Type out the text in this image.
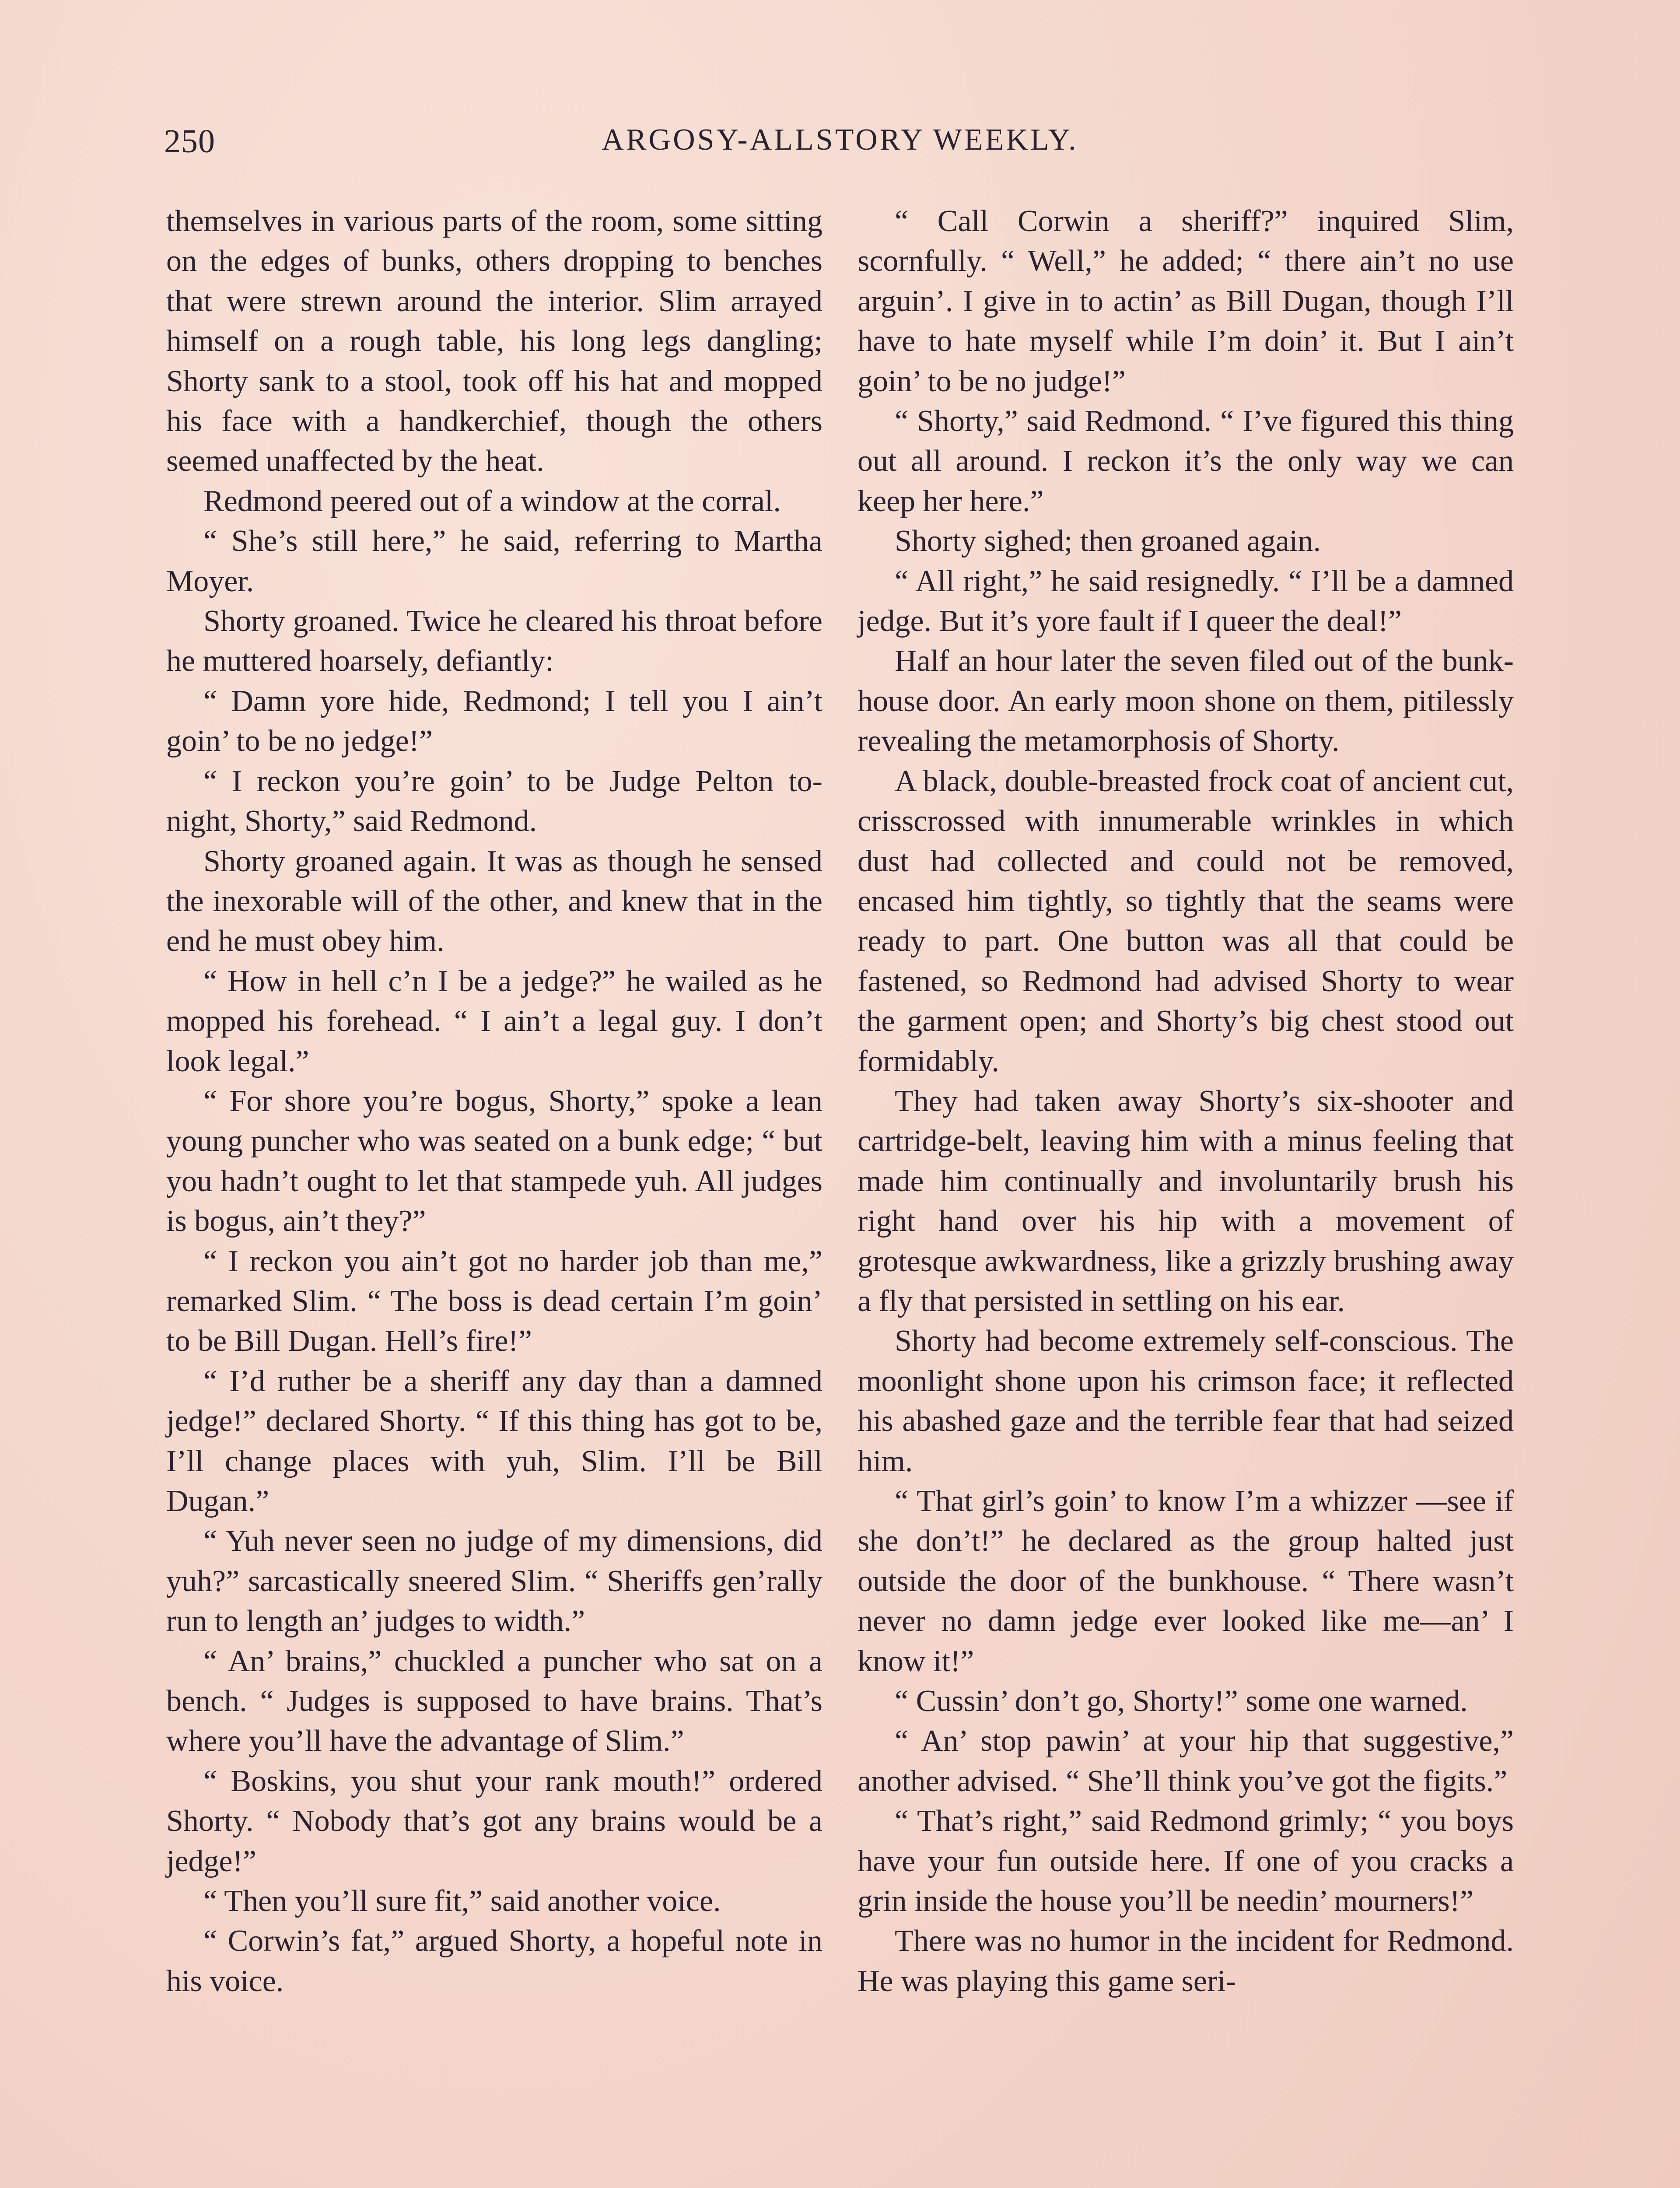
250	ARGOSY-ALLSTORY WEEKLY.

themselves in various parts of the room, some sitting on the edges of bunks, others dropping to benches that were strewn around the interior. Slim arrayed himself on a rough table, his long legs dangling; Shorty sank to a stool, took off his hat and mopped his face with a handkerchief, though the others seemed unaffected by the heat.

Redmond peered out of a window at the corral.

“ She’s still here,” he said, referring to Martha Moyer.

Shorty groaned. Twice he cleared his throat before he muttered hoarsely, defiantly:

“ Damn yore hide, Redmond; I tell you I ain’t goin’ to be no jedge!”

“ I reckon you’re goin’ to be Judge Pelton to-night, Shorty,” said Redmond.

Shorty groaned again. It was as though he sensed the inexorable will of the other, and knew that in the end he must obey him.

“ How in hell c’n I be a jedge?” he wailed as he mopped his forehead. “ I ain’t a legal guy. I don’t look legal.”

“ For shore you’re bogus, Shorty,” spoke a lean young puncher who was seated on a bunk edge; “ but you hadn’t ought to let that stampede yuh. All judges is bogus, ain’t they?”

“ I reckon you ain’t got no harder job than me,” remarked Slim. “ The boss is dead certain I’m goin’ to be Bill Dugan. Hell’s fire!”

“ I’d ruther be a sheriff any day than a damned jedge!” declared Shorty. “ If this thing has got to be, I’ll change places with yuh, Slim. I’ll be Bill Dugan.”

“ Yuh never seen no judge of my dimensions, did yuh?” sarcastically sneered Slim. “ Sheriffs gen’rally run to length an’ judges to width.”

“ An’ brains,” chuckled a puncher who sat on a bench. “ Judges is supposed to have brains. That’s where you’ll have the advantage of Slim.”

“ Boskins, you shut your rank mouth!” ordered Shorty. “ Nobody that’s got any brains would be a jedge!”

“ Then you’ll sure fit,” said another voice.

“ Corwin’s fat,” argued Shorty, a hopeful note in his voice.

“ Call Corwin a sheriff?” inquired Slim, scornfully. “ Well,” he added; “ there ain’t no use arguin’. I give in to actin’ as Bill Dugan, though I’ll have to hate myself while I’m doin’ it. But I ain’t goin’ to be no judge!”

“ Shorty,” said Redmond. “ I’ve figured this thing out all around. I reckon it’s the only way we can keep her here.”

Shorty sighed; then groaned again.

“ All right,” he said resignedly. “ I’ll be a damned jedge. But it’s yore fault if I queer the deal!”

Half an hour later the seven filed out of the bunk-house door. An early moon shone on them, pitilessly revealing the metamorphosis of Shorty.

A black, double-breasted frock coat of ancient cut, crisscrossed with innumerable wrinkles in which dust had collected and could not be removed, encased him tightly, so tightly that the seams were ready to part. One button was all that could be fastened, so Redmond had advised Shorty to wear the garment open; and Shorty’s big chest stood out formidably.

They had taken away Shorty’s six-shooter and cartridge-belt, leaving him with a minus feeling that made him continually and involuntarily brush his right hand over his hip with a movement of grotesque awkwardness, like a grizzly brushing away a fly that persisted in settling on his ear.

Shorty had become extremely self-conscious. The moonlight shone upon his crimson face; it reflected his abashed gaze and the terrible fear that had seized him.

“ That girl’s goin’ to know I’m a whizzer —see if she don’t!” he declared as the group halted just outside the door of the bunkhouse. “ There wasn’t never no damn jedge ever looked like me—an’ I know it!”

“ Cussin’ don’t go, Shorty!” some one warned.

“ An’ stop pawin’ at your hip that suggestive,” another advised. “ She’ll think you’ve got the figits.”

“ That’s right,” said Redmond grimly; “ you boys have your fun outside here. If one of you cracks a grin inside the house you’ll be needin’ mourners!”

There was no humor in the incident for Redmond. He was playing this game seri-
